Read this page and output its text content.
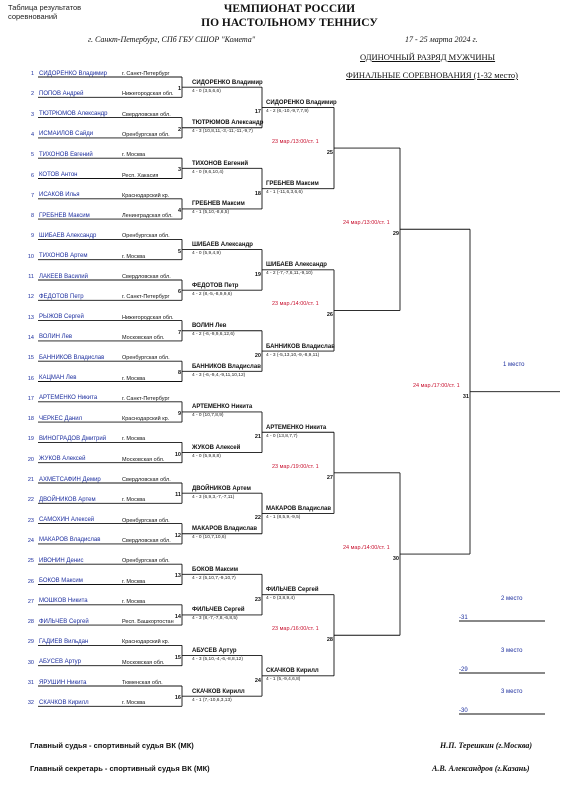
Таблица результатов соревнований
ЧЕМПИОНАТ РОССИИ
ПО НАСТОЛЬНОМУ ТЕННИСУ
г. Санкт-Петербург, СПб ГБУ СШОР "Комета"	17 - 25 марта 2024 г.
ОДИНОЧНЫЙ РАЗРЯД МУЖЧИНЫ
ФИНАЛЬНЫЕ СОРЕВНОВАНИЯ (1-32 место)
1 СИДОРЕНКО Владимир	г. Санкт-Петербург
2 ПОПОВ Андрей	Нижегородская обл.
3 ТЮТРЮМОВ Александр	Свердловская обл.
4 ИСМАИЛОВ Сайди	Оренбургская обл.
5 ТИХОНОВ Евгений	г. Москва
6 КОТОВ Антон	Респ. Хакасия
7 ИСАКОВ Илья	Краснодарский кр.
8 ГРЕБНЕВ Максим	Ленинградская обл.
9 ШИБАЕВ Александр	Оренбургская обл.
10 ТИХОНОВ Артем	г. Москва
11 ЛАКЕЕВ Василий	Свердловская обл.
12 ФЕДОТОВ Петр	г. Санкт-Петербург
13 РЫЖОВ Сергей	Нижегородская обл.
14 ВОЛИН Лев	Московская обл.
15 БАННИКОВ Владислав	Оренбургская обл.
16 КАЦМАН Лев	г. Москва
17 АРТЕМЕНКО Никита	г. Санкт-Петербург
18 ЧЕРКЕС Данил	Краснодарский кр.
19 ВИНОГРАДОВ Дмитрий	г. Москва
20 ЖУКОВ Алексей	Московская обл.
21 АХМЕТСАФИН Демир	Свердловская обл.
22 ДВОЙНИКОВ Артем	г. Москва
23 САМОХИН Алексей	Оренбургская обл.
24 МАКАРОВ Владислав	Свердловская обл.
25 ИВОНИН Денис	Оренбургская обл.
26 БОКОВ Максим	г. Москва
27 МОШКОВ Никита	г. Москва
28 ФИЛЬЧЕВ Сергей	Респ. Башкортостан
29 ГАДИЕВ Вильдан	Краснодарский кр.
30 АБУСЕВ Артур	Московская обл.
31 ЯРУШИН Никита	Тюменская обл.
32 СКАЧКОВ Кирилл	г. Москва
1
СИДОРЕНКО Владимир
4 - 0 (3,5,6,6)
2
ТЮТРЮМОВ Александр
4 - 3 (10,8,11,-3,-11,-11,-9,7)
3
ТИХОНОВ Евгений
4 - 0 (9,6,10,4)
4
ГРЕБНЕВ Максим
4 - 1 (5,10,-8,6,5)
5
ШИБАЕВ Александр
4 - 0 (5,9,4,9)
6
ФЕДОТОВ Петр
4 - 2 (8,-5,-8,9,9,6)
7
ВОЛИН Лев
4 - 2 (-6,-9,9,6,12,6)
8
БАННИКОВ Владислав
4 - 3 (-6,-9,4,-9,11,10,12)
9
АРТЕМЕНКО Никита
4 - 0 (10,7,8,9)
10
ЖУКОВ Алексей
4 - 0 (5,9,8,8)
11
ДВОЙНИКОВ Артем
4 - 3 (6,9,3,-7,-7,11)
12
МАКАРОВ Владислав
4 - 0 (10,7,10,6)
13
БОКОВ Максим
4 - 2 (5,10,7,-9,10,7)
14
ФИЛЬЧЕВ Сергей
4 - 3 (8,-7,-7,8,-6,8,5)
15
АБУСЕВ Артур
4 - 3 (5,10,-4,-6,-8,8,12)
16
СКАЧКОВ Кирилл
4 - 1 (7,-10,6,3,13)
17
СИДОРЕНКО Владимир
4 - 2 (6,-10,-9,7,7,9)
18
ГРЕБНЕВ Максим
4 - 1 (-11,6,3,6,6)
19
ШИБАЕВ Александр
4 - 2 (-7,-7,6,11,-9,10)
20
БАННИКОВ Владислав
4 - 3 (-5,13,10,-9,-8,9,11)
21
АРТЕМЕНКО Никита
4 - 0 (13,8,7,7)
22
МАКАРОВ Владислав
4 - 1 (8,5,9,-9,5)
23
ФИЛЬЧЕВ Сергей
4 - 0 (3,8,9,4)
24
СКАЧКОВ Кирилл
4 - 1 (5,-9,4,6,8)
25
23 мар./13:00/ст. 1
26
23 мар./14:00/ст. 1
27
23 мар./19:00/ст. 1
28
23 мар./16:00/ст. 1
29
24 мар./13:00/ст. 1
30
24 мар./14:00/ст. 1
31
24 мар./17:00/ст. 1
1 место
2 место
-31
3 место
-29
3 место
-30
Главный судья - спортивный судья ВК (МК)	Н.П. Терешкин (г.Москва)
Главный секретарь - спортивный судья ВК (МК)	А.В. Александров (г.Казань)
